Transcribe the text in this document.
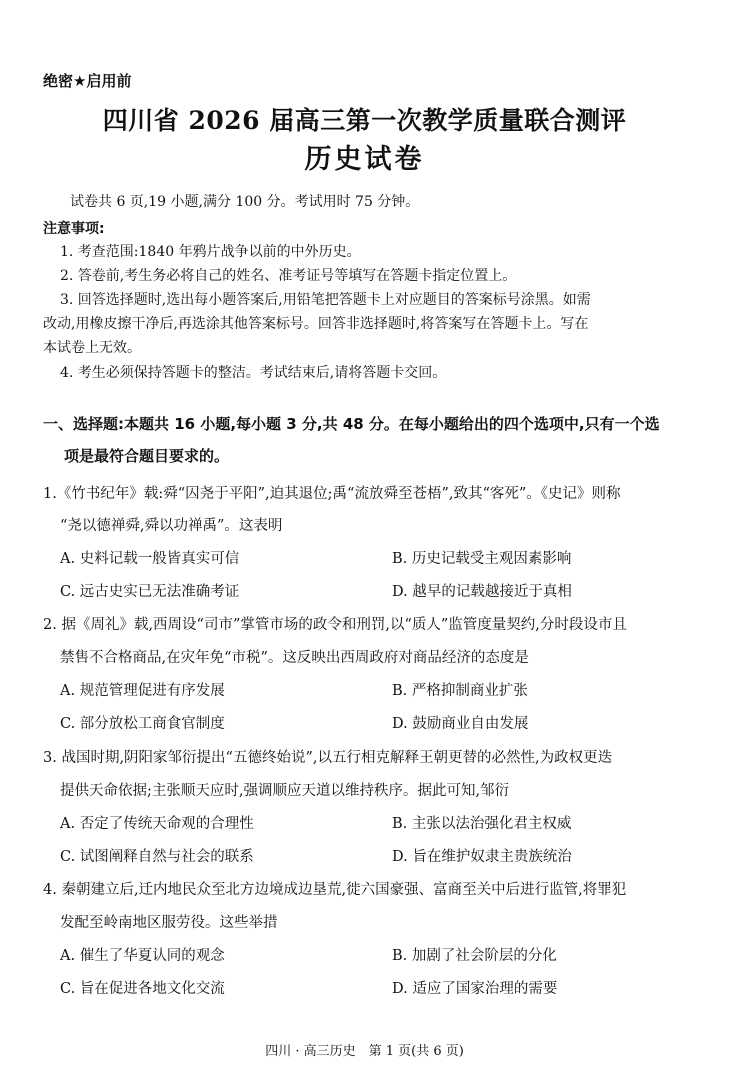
绝密★启用前
四川省 2026 届高三第一次教学质量联合测评
历史试卷
试卷共 6 页,19 小题,满分 100 分。考试用时 75 分钟。
注意事项:
1. 考查范围:1840 年鸦片战争以前的中外历史。
2. 答卷前,考生务必将自己的姓名、准考证号等填写在答题卡指定位置上。
3. 回答选择题时,选出每小题答案后,用铅笔把答题卡上对应题目的答案标号涂黑。如需
改动,用橡皮擦干净后,再选涂其他答案标号。回答非选择题时,将答案写在答题卡上。写在
本试卷上无效。
4. 考生必须保持答题卡的整洁。考试结束后,请将答题卡交回。
一、选择题:本题共 16 小题,每小题 3 分,共 48 分。在每小题给出的四个选项中,只有一个选
项是最符合题目要求的。
1.《竹书纪年》载:舜“囚尧于平阳”,迫其退位;禹“流放舜至苍梧”,致其“客死”。《史记》则称
“尧以德禅舜,舜以功禅禹”。这表明
A. 史料记载一般皆真实可信	B. 历史记载受主观因素影响
C. 远古史实已无法准确考证	D. 越早的记载越接近于真相
2. 据《周礼》载,西周设“司市”掌管市场的政令和刑罚,以“质人”监管度量契约,分时段设市且
禁售不合格商品,在灾年免“市税”。这反映出西周政府对商品经济的态度是
A. 规范管理促进有序发展	B. 严格抑制商业扩张
C. 部分放松工商食官制度	D. 鼓励商业自由发展
3. 战国时期,阴阳家邹衍提出“五德终始说”,以五行相克解释王朝更替的必然性,为政权更迭
提供天命依据;主张顺天应时,强调顺应天道以维持秩序。据此可知,邹衍
A. 否定了传统天命观的合理性	B. 主张以法治强化君主权威
C. 试图阐释自然与社会的联系	D. 旨在维护奴隶主贵族统治
4. 秦朝建立后,迁内地民众至北方边境成边垦荒,徙六国豪强、富商至关中后进行监管,将罪犯
发配至岭南地区服劳役。这些举措
A. 催生了华夏认同的观念	B. 加剧了社会阶层的分化
C. 旨在促进各地文化交流	D. 适应了国家治理的需要
四川 · 高三历史　第 1 页(共 6 页)
